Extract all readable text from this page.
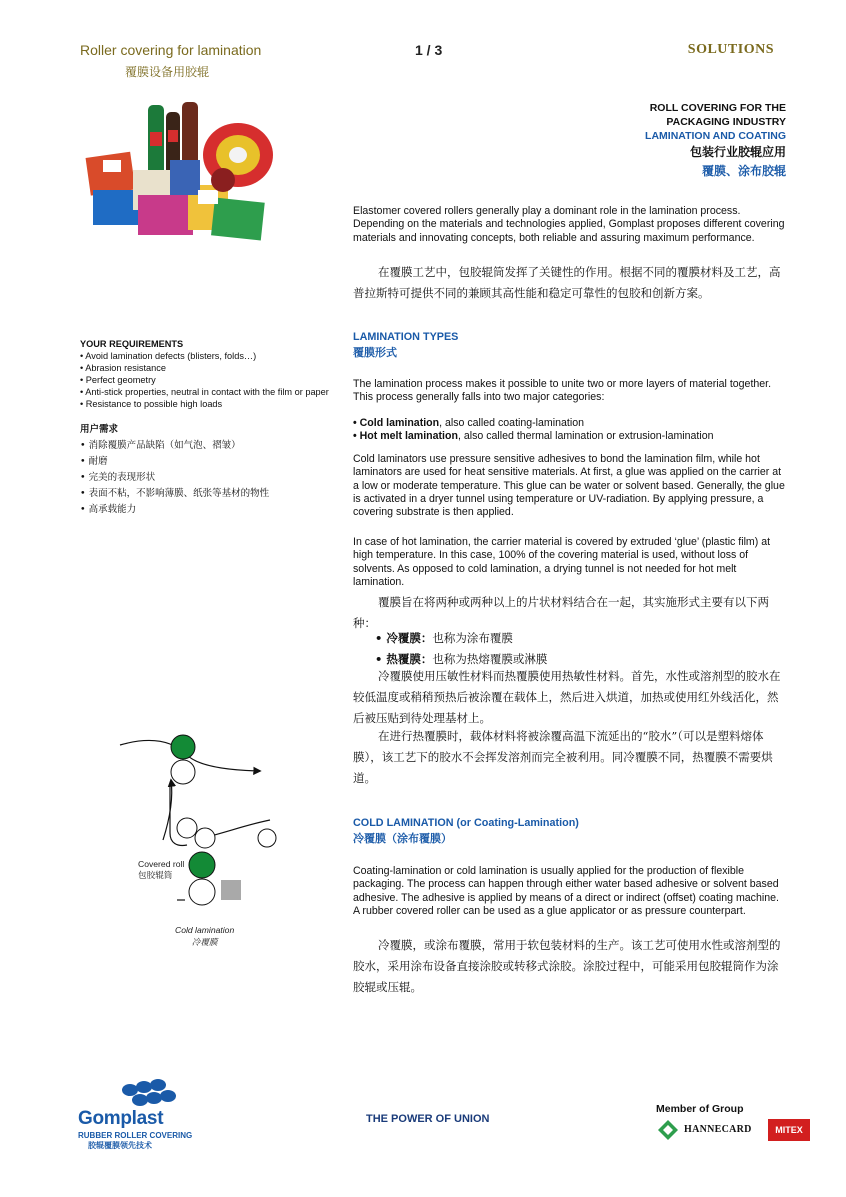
Roller covering for lamination
覆膜设备用胶辊
1 / 3	SOLUTIONS
ROLL COVERING FOR THE
PACKAGING INDUSTRY
LAMINATION AND COATING
包装行业胶辊应用
覆膜、涂布胶辊
Elastomer covered rollers generally play a dominant role in the lamination process. Depending on the materials and technologies applied, Gomplast proposes different covering materials and innovating concepts, both reliable and assuring maximum performance.
在覆膜工艺中，包胶辊筒发挥了关键性的作用。根据不同的覆膜材料及工艺，高普拉斯特可提供不同的兼顾其高性能和稳定可靠性的包胶和创新方案。
YOUR REQUIREMENTS
• Avoid lamination defects (blisters, folds…)
• Abrasion resistance
• Perfect geometry
• Anti-stick properties, neutral in contact with the film or paper
• Resistance to possible high loads
用户需求
• 消除覆膜产品缺陷（如气泡、褶皱）
• 耐磨
• 完美的表现形状
• 表面不粘，不影响薄膜、纸张等基材的物性
• 高承载能力
LAMINATION TYPES
覆膜形式
The lamination process makes it possible to unite two or more layers of material together. This process generally falls into two major categories:
• Cold lamination, also called coating-lamination
• Hot melt lamination, also called thermal lamination or extrusion-lamination
Cold laminators use pressure sensitive adhesives to bond the lamination film, while hot laminators are used for heat sensitive materials. At first, a glue was applied on the carrier at a low or moderate temperature. This glue can be water or solvent based. Generally, the glue is activated in a dryer tunnel using temperature or UV-radiation. By applying pressure, a covering substrate is then applied.
In case of hot lamination, the carrier material is covered by extruded ‘glue’ (plastic film) at high temperature. In this case, 100% of the covering material is used, without loss of solvents. As opposed to cold lamination, a drying tunnel is not needed for hot melt lamination.
覆膜旨在将两种或两种以上的片状材料结合在一起，其实施形式主要有以下两种：
• 冷覆膜：也称为涂布覆膜
• 热覆膜：也称为热熔覆膜或淋膜
冷覆膜使用压敏性材料而热覆膜使用热敏性材料。首先，水性或溶剂型的胶水在较低温度或稍稍预热后被涂覆在载体上，然后进入烘道，加热或使用红外线活化，然后被压贴到待处理基材上。
在进行热覆膜时，载体材料将被涂覆高温下流延出的“胶水”（可以是塑料熔体膜），该工艺下的胶水不会挥发溶剂而完全被利用。同冷覆膜不同，热覆膜不需要烘道。
COLD LAMINATION (or Coating-Lamination)
冷覆膜（涂布覆膜）
Coating-lamination or cold lamination is usually applied for the production of flexible packaging. The process can happen through either water based adhesive or solvent based adhesive. The adhesive is applied by means of a direct or indirect (offset) coating machine. A rubber covered roller can be used as a glue applicator or as pressure counterpart.
冷覆膜，或涂布覆膜，常用于软包装材料的生产。该工艺可使用水性或溶剂型的胶水，采用涂布设备直接涂胶或转移式涂胶。涂胶过程中，可能采用包胶辊筒作为涂胶辊或压辊。
Covered roll
包胶辊筒
Cold lamination
冷覆膜
Gomplast
RUBBER ROLLER COVERING
胶辊覆膜领先技术
THE POWER OF UNION
Member of Group
HANNECARD	MITEX
